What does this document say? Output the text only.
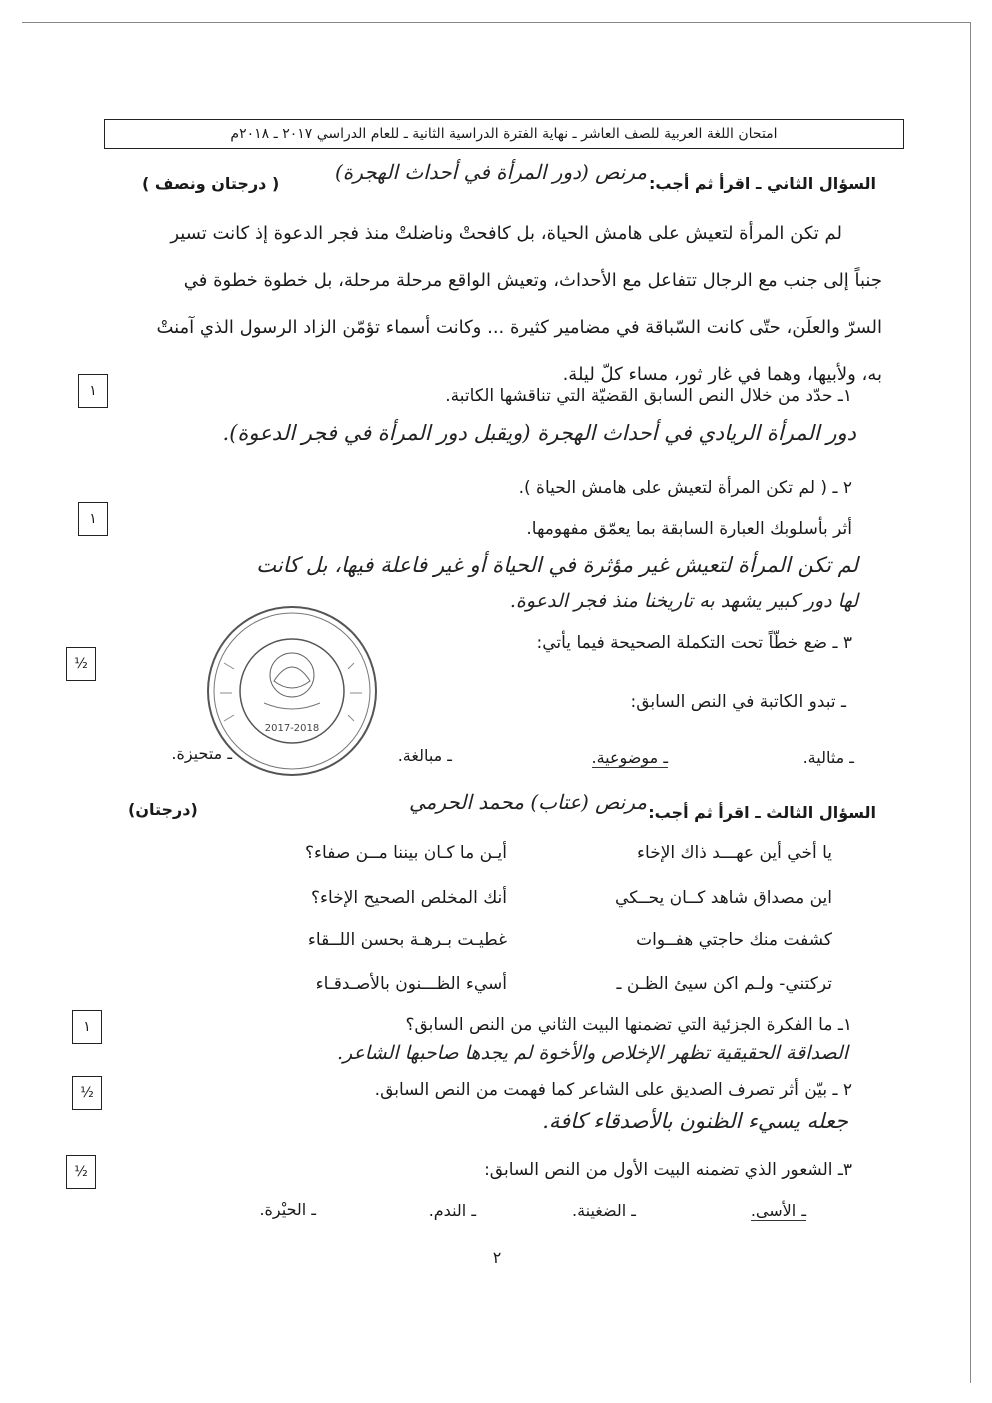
امتحان اللغة العربية للصف العاشر ـ نهاية الفترة الدراسية الثانية ـ للعام الدراسي ٢٠١٧ ـ ٢٠١٨م
السؤال الثاني ـ اقرأ ثم أجب:
مرنص (دور المرأة في أحداث الهجرة)
( درجتان ونصف )
لم تكن المرأة لتعيش على هامش الحياة، بل كافحتْ وناضلتْ منذ فجر الدعوة إذ كانت تسير
جنباً إلى جنب مع الرجال تتفاعل مع الأحداث، وتعيش الواقع مرحلة مرحلة، بل خطوة خطوة في
السرّ والعلَن، حتّى كانت السّباقة في مضامير كثيرة ... وكانت أسماء تؤمّن الزاد الرسول الذي آمنتْ
به، ولأبيها، وهما في غار ثور، مساء كلّ ليلة.
١	١ـ حدّد من خلال النص السابق القضيّة التي تناقشها الكاتبة.
دور المرأة الريادي في أحداث الهجرة (ويقبل دور المرأة في فجر الدعوة).
١
٢ ـ ( لم تكن المرأة لتعيش على هامش الحياة ).
أثر بأسلوبك العبارة السابقة بما يعمّق مفهومها.
لم تكن المرأة لتعيش غير مؤثرة في الحياة أو غير فاعلة فيها، بل كانت
لها دور كبير يشهد به تاريخنا منذ فجر الدعوة.
½
٣ ـ ضع خطّاً تحت التكملة الصحيحة فيما يأتي:
ـ تبدو الكاتبة في النص السابق:
ـ مثالية.
ـ موضوعية.
ـ مبالغة.
ـ متحيزة.
2017-2018
السؤال الثالث ـ اقرأ ثم أجب:
مرنص (عتاب) محمد الحرمي
(درجتان)
يا أخي أين عهـــد ذاك الإخاء
أيـن ما كـان بيننا مــن صفاء؟
اين مصداق شاهد كــان يحــكي
أنك المخلص الصحيح الإخاء؟
كشفت منك حاجتي هفــوات
غطيـت بـرهـة بحسن اللــقاء
تركتني- ولـم اكن سيئ الظـن ـ
أسيء الظـــنون بالأصـدقـاء
١	١ـ ما الفكرة الجزئية التي تضمنها البيت الثاني من النص السابق؟
الصداقة الحقيقية تظهر الإخلاص والأخوة لم يجدها صاحبها الشاعر.
½	٢ ـ بيّن أثر تصرف الصديق على الشاعر كما فهمت من النص السابق.
جعله يسيء الظنون بالأصدقاء كافة.
½	٣ـ الشعور الذي تضمنه البيت الأول من النص السابق:
ـ الأسى.
ـ الضغينة.
ـ الندم.
ـ الحيْرة.
٢
